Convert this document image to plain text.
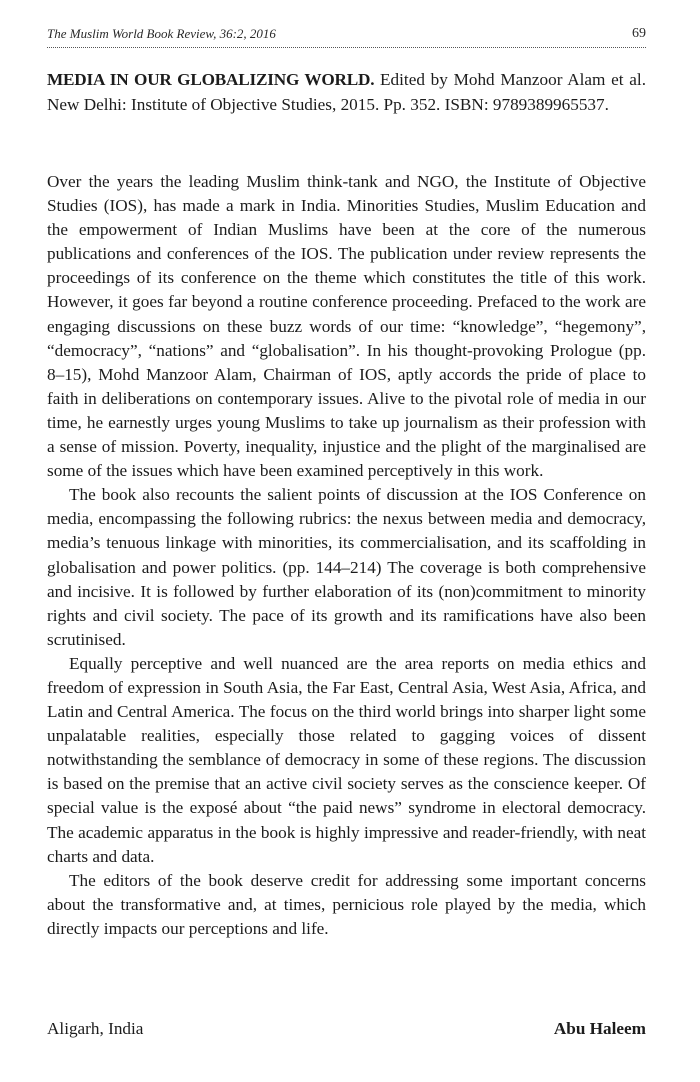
The Muslim World Book Review, 36:2, 2016	69
MEDIA IN OUR GLOBALIZING WORLD. Edited by Mohd Manzoor Alam et al. New Delhi: Institute of Objective Studies, 2015. Pp. 352. ISBN: 9789389965537.

Over the years the leading Muslim think-tank and NGO, the Institute of Objective Studies (IOS), has made a mark in India. Minorities Studies, Muslim Education and the empowerment of Indian Muslims have been at the core of the numerous publications and conferences of the IOS. The publication under review represents the proceedings of its conference on the theme which constitutes the title of this work. However, it goes far beyond a routine conference proceeding. Prefaced to the work are engaging discussions on these buzz words of our time: “knowledge”, “hegemony”, “democracy”, “nations” and “globalisation”. In his thought-provoking Prologue (pp. 8–15), Mohd Manzoor Alam, Chairman of IOS, aptly accords the pride of place to faith in deliberations on contemporary issues. Alive to the pivotal role of media in our time, he earnestly urges young Muslims to take up journalism as their profession with a sense of mission. Poverty, inequality, injustice and the plight of the marginalised are some of the issues which have been examined perceptively in this work.

The book also recounts the salient points of discussion at the IOS Conference on media, encompassing the following rubrics: the nexus between media and democracy, media’s tenuous linkage with minorities, its commercialisation, and its scaffolding in globalisation and power politics. (pp. 144–214) The coverage is both comprehensive and incisive. It is followed by further elaboration of its (non)commitment to minority rights and civil society. The pace of its growth and its ramifications have also been scrutinised.

Equally perceptive and well nuanced are the area reports on media ethics and freedom of expression in South Asia, the Far East, Central Asia, West Asia, Africa, and Latin and Central America. The focus on the third world brings into sharper light some unpalatable realities, especially those related to gagging voices of dissent notwithstanding the semblance of democracy in some of these regions. The discussion is based on the premise that an active civil society serves as the conscience keeper. Of special value is the exposé about “the paid news” syndrome in electoral democracy. The academic apparatus in the book is highly impressive and reader-friendly, with neat charts and data.

The editors of the book deserve credit for addressing some important concerns about the transformative and, at times, pernicious role played by the media, which directly impacts our perceptions and life.

Aligarh, India	Abu Haleem
